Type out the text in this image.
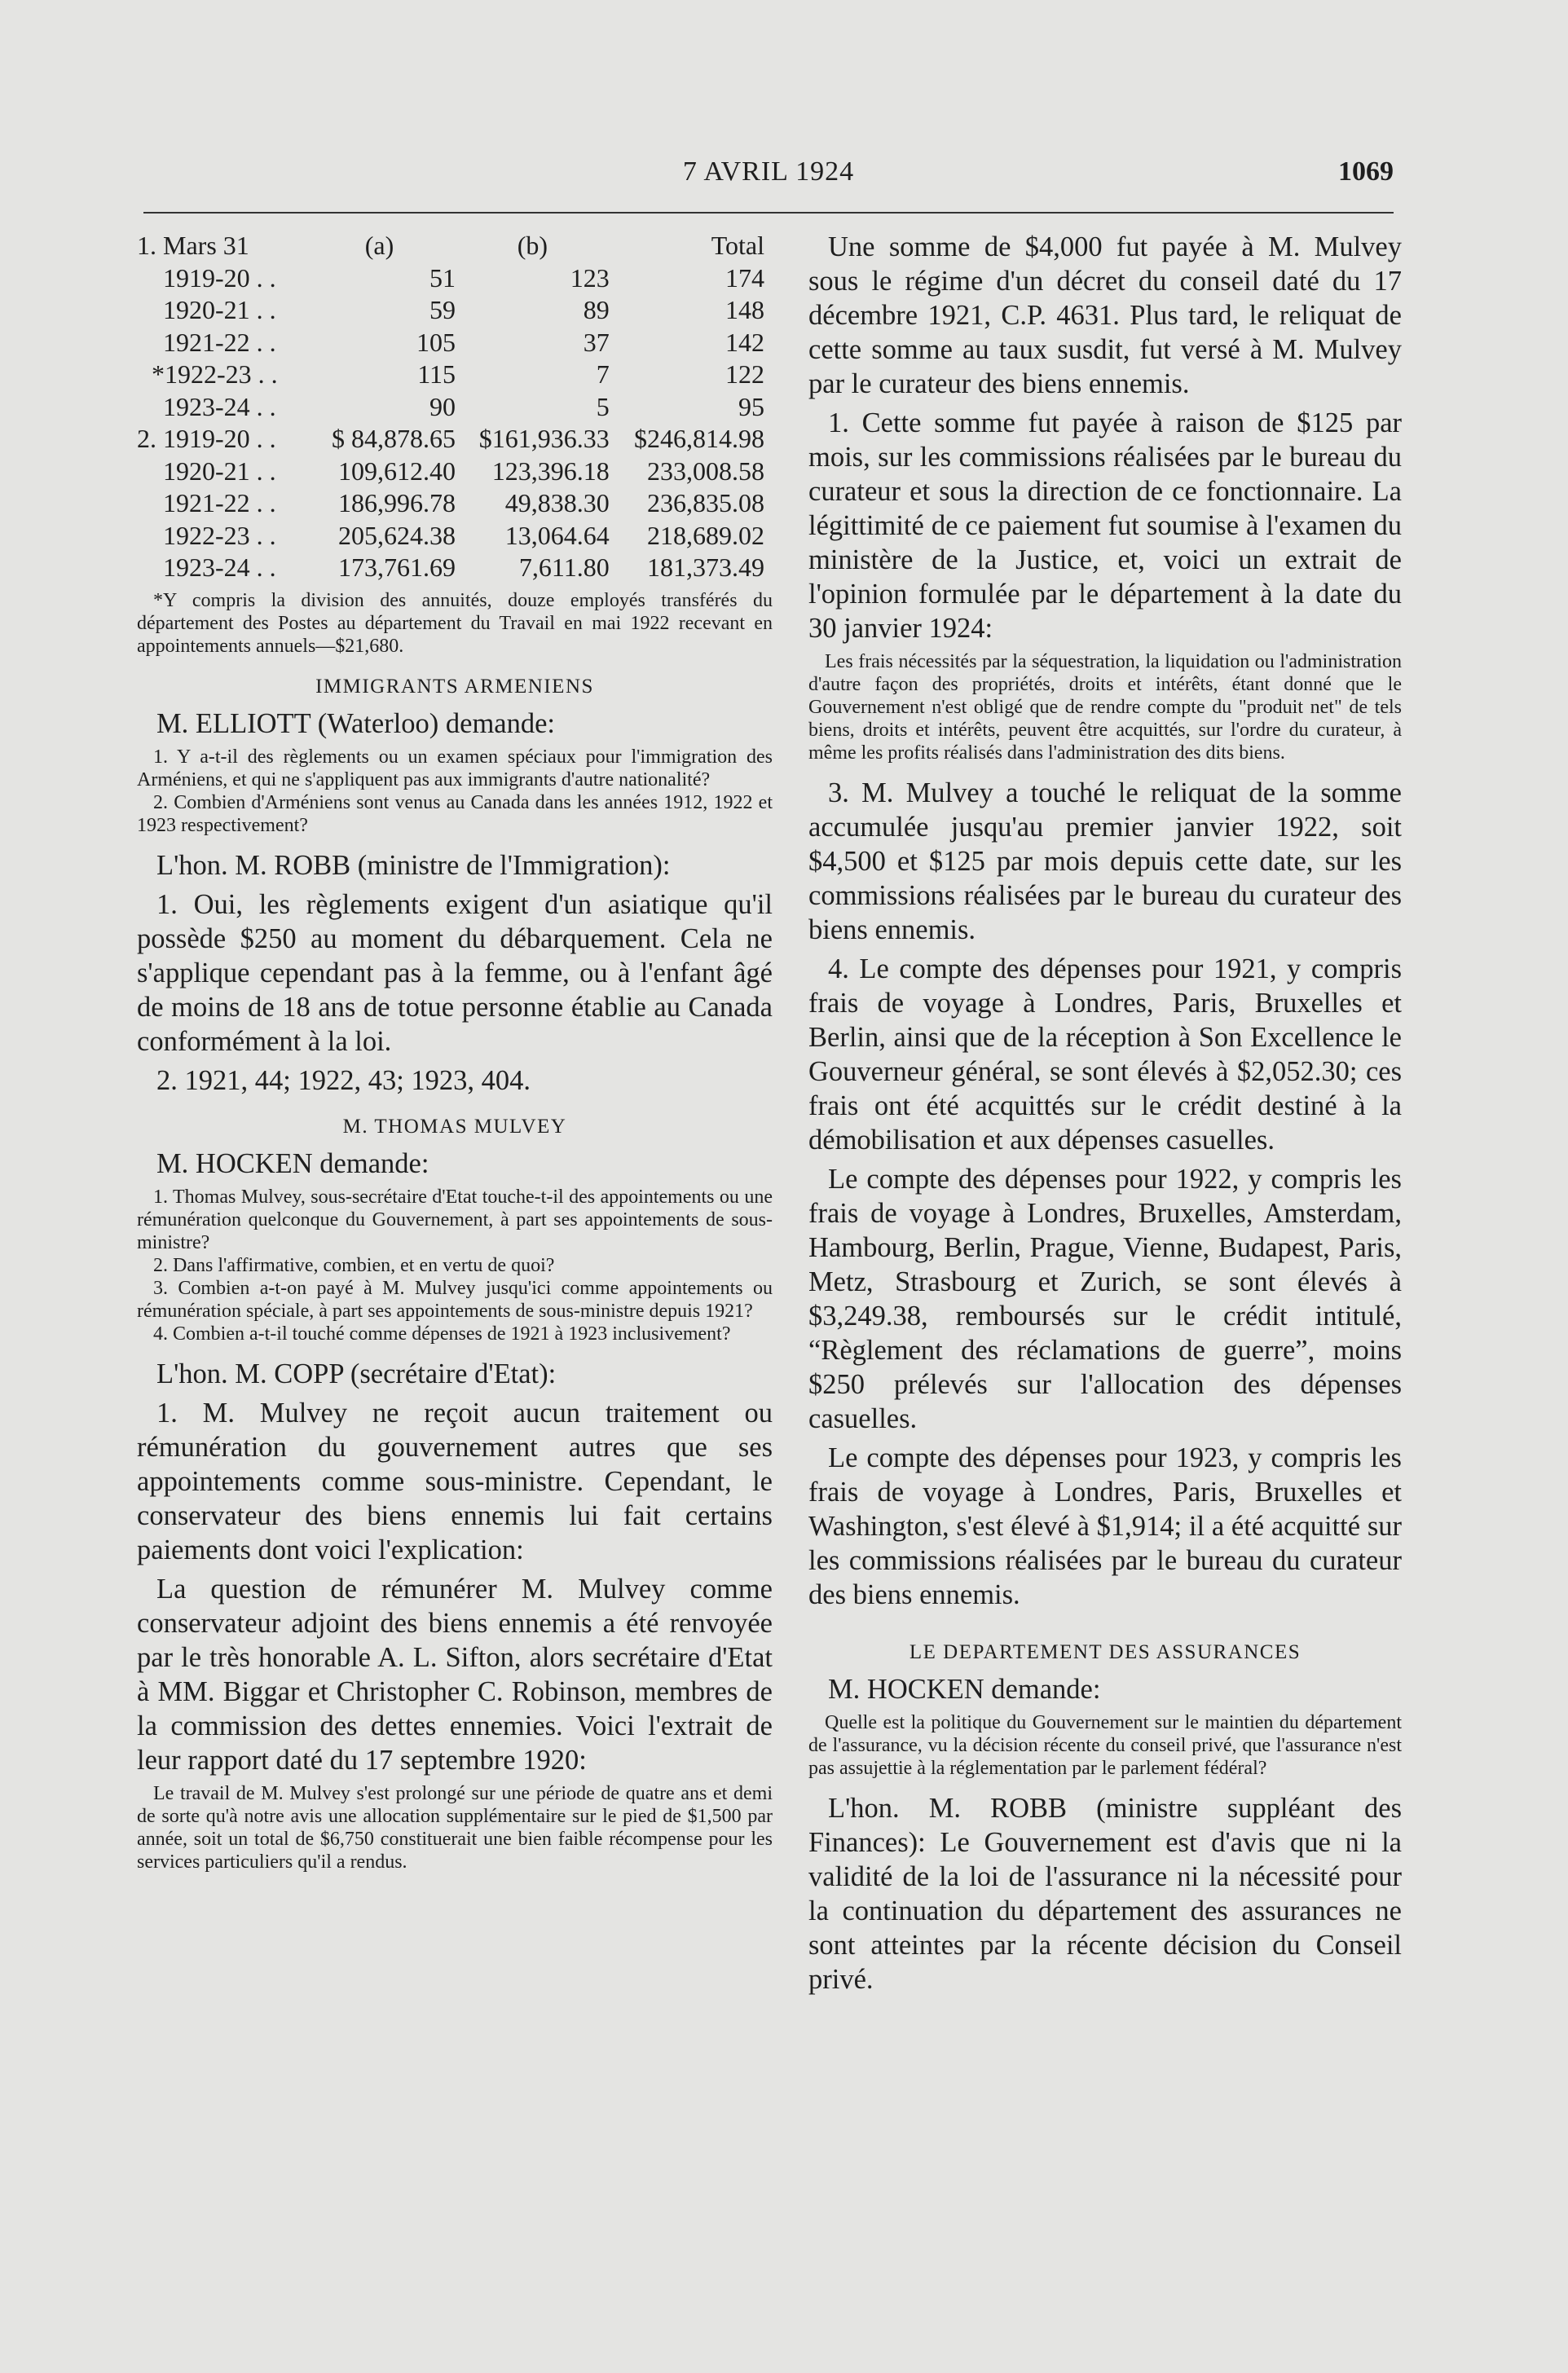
7 AVRIL 1924	1069
1. Mars 31	(a)	(b)	Total
1919-20 . .	51	123	174
1920-21 . .	59	89	148
1921-22 . .	105	37	142
*1922-23 . .	115	7	122
1923-24 . .	90	5	95
2. 1919-20 . .	$ 84,878.65	$161,936.33	$246,814.98
1920-21 . .	109,612.40	123,396.18	233,008.58
1921-22 . .	186,996.78	49,838.30	236,835.08
1922-23 . .	205,624.38	13,064.64	218,689.02
1923-24 . .	173,761.69	7,611.80	181,373.49
*Y compris la division des annuités, douze employés transférés du département des Postes au département du Travail en mai 1922 recevant en appointements annuels—$21,680.
IMMIGRANTS ARMENIENS

M. ELLIOTT (Waterloo) demande:

1. Y a-t-il des règlements ou un examen spéciaux pour l'immigration des Arméniens, et qui ne s'appliquent pas aux immigrants d'autre nationalité?
2. Combien d'Arméniens sont venus au Canada dans les années 1912, 1922 et 1923 respectivement?

L'hon. M. ROBB (ministre de l'Immigration):

1. Oui, les règlements exigent d'un asiatique qu'il possède $250 au moment du débarquement. Cela ne s'applique cependant pas à la femme, ou à l'enfant âgé de moins de 18 ans de totue personne établie au Canada conformément à la loi.

2. 1921, 44; 1922, 43; 1923, 404.

M. THOMAS MULVEY

M. HOCKEN demande:

1. Thomas Mulvey, sous-secrétaire d'Etat touche-t-il des appointements ou une rémunération quelconque du Gouvernement, à part ses appointements de sous-ministre?
2. Dans l'affirmative, combien, et en vertu de quoi?
3. Combien a-t-on payé à M. Mulvey jusqu'ici comme appointements ou rémunération spéciale, à part ses appointements de sous-ministre depuis 1921?
4. Combien a-t-il touché comme dépenses de 1921 à 1923 inclusivement?

L'hon. M. COPP (secrétaire d'Etat):

1. M. Mulvey ne reçoit aucun traitement ou rémunération du gouvernement autres que ses appointements comme sous-ministre. Cependant, le conservateur des biens ennemis lui fait certains paiements dont voici l'explication:

La question de rémunérer M. Mulvey comme conservateur adjoint des biens ennemis a été renvoyée par le très honorable A. L. Sifton, alors secrétaire d'Etat à MM. Biggar et Christopher C. Robinson, membres de la commission des dettes ennemies. Voici l'extrait de leur rapport daté du 17 septembre 1920:

Le travail de M. Mulvey s'est prolongé sur une période de quatre ans et demi de sorte qu'à notre avis une allocation supplémentaire sur le pied de $1,500 par année, soit un total de $6,750 constituerait une bien faible récompense pour les services particuliers qu'il a rendus.

Une somme de $4,000 fut payée à M. Mulvey sous le régime d'un décret du conseil daté du 17 décembre 1921, C.P. 4631. Plus tard, le reliquat de cette somme au taux susdit, fut versé à M. Mulvey par le curateur des biens ennemis.

1. Cette somme fut payée à raison de $125 par mois, sur les commissions réalisées par le bureau du curateur et sous la direction de ce fonctionnaire. La légittimité de ce paiement fut soumise à l'examen du ministère de la Justice, et, voici un extrait de l'opinion formulée par le département à la date du 30 janvier 1924:

Les frais nécessités par la séquestration, la liquidation ou l'administration d'autre façon des propriétés, droits et intérêts, étant donné que le Gouvernement n'est obligé que de rendre compte du "produit net" de tels biens, droits et intérêts, peuvent être acquittés, sur l'ordre du curateur, à même les profits réalisés dans l'administration des dits biens.

3. M. Mulvey a touché le reliquat de la somme accumulée jusqu'au premier janvier 1922, soit $4,500 et $125 par mois depuis cette date, sur les commissions réalisées par le bureau du curateur des biens ennemis.

4. Le compte des dépenses pour 1921, y compris frais de voyage à Londres, Paris, Bruxelles et Berlin, ainsi que de la réception à Son Excellence le Gouverneur général, se sont élevés à $2,052.30; ces frais ont été acquittés sur le crédit destiné à la démobilisation et aux dépenses casuelles.

Le compte des dépenses pour 1922, y compris les frais de voyage à Londres, Bruxelles, Amsterdam, Hambourg, Berlin, Prague, Vienne, Budapest, Paris, Metz, Strasbourg et Zurich, se sont élevés à $3,249.38, remboursés sur le crédit intitulé, “Règlement des réclamations de guerre”, moins $250 prélevés sur l'allocation des dépenses casuelles.

Le compte des dépenses pour 1923, y compris les frais de voyage à Londres, Paris, Bruxelles et Washington, s'est élevé à $1,914; il a été acquitté sur les commissions réalisées par le bureau du curateur des biens ennemis.

LE DEPARTEMENT DES ASSURANCES

M. HOCKEN demande:

Quelle est la politique du Gouvernement sur le maintien du département de l'assurance, vu la décision récente du conseil privé, que l'assurance n'est pas assujettie à la réglementation par le parlement fédéral?

L'hon. M. ROBB (ministre suppléant des Finances): Le Gouvernement est d'avis que ni la validité de la loi de l'assurance ni la nécessité pour la continuation du département des assurances ne sont atteintes par la récente décision du Conseil privé.
